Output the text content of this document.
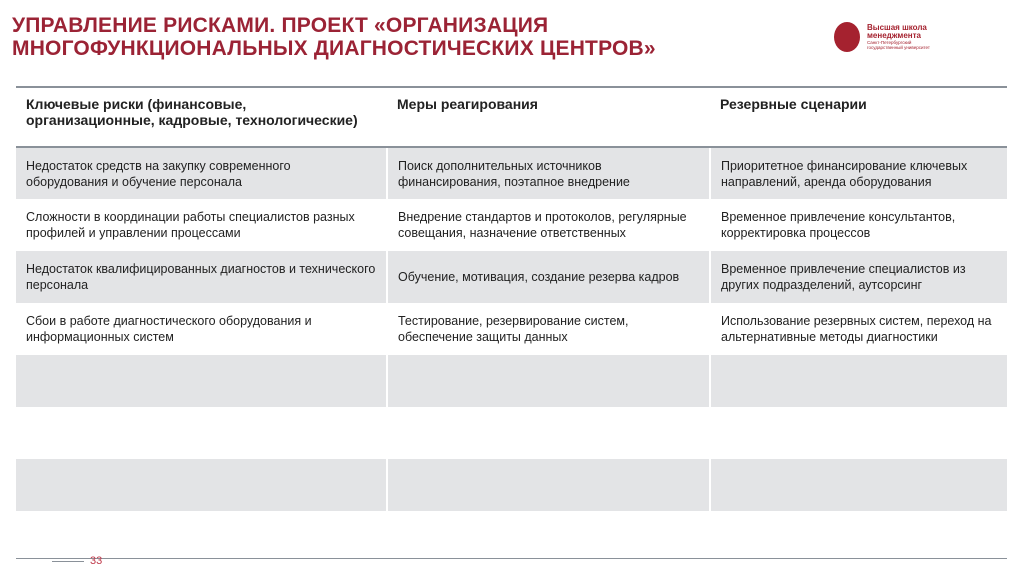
УПРАВЛЕНИЕ РИСКАМИ. ПРОЕКТ «ОРГАНИЗАЦИЯ
МНОГОФУНКЦИОНАЛЬНЫХ ДИАГНОСТИЧЕСКИХ ЦЕНТРОВ»
Высшая школа
менеджмента
Санкт-Петербургский
государственный университет
Ключевые риски (финансовые, организационные, кадровые, технологические)	Меры реагирования	Резервные сценарии
Недостаток средств на закупку современного оборудования и обучение персонала	Поиск дополнительных источников финансирования, поэтапное внедрение	Приоритетное финансирование ключевых направлений, аренда оборудования
Сложности в координации работы специалистов разных профилей и управлении процессами	Внедрение стандартов и протоколов, регулярные совещания, назначение ответственных	Временное привлечение консультантов, корректировка процессов
Недостаток квалифицированных диагностов и технического персонала	Обучение, мотивация, создание резерва кадров	Временное привлечение специалистов из других подразделений, аутсорсинг
Сбои в работе диагностического оборудования и информационных систем	Тестирование, резервирование систем, обеспечение защиты данных	Использование резервных систем, переход на альтернативные методы диагностики

33
